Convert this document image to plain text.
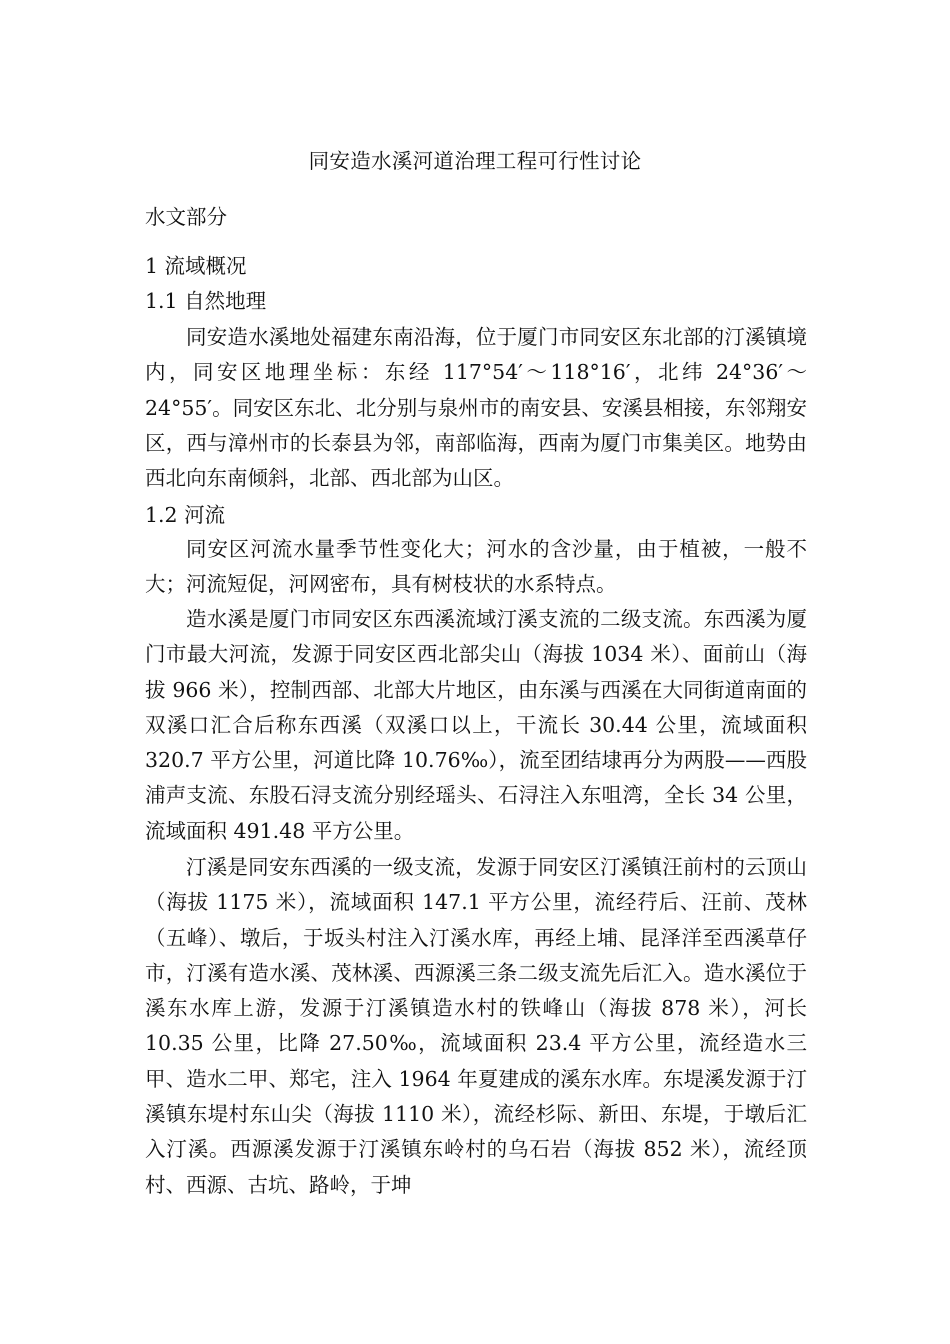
同安造水溪河道治理工程可行性讨论
水文部分
1 流域概况
1.1 自然地理

同安造水溪地处福建东南沿海，位于厦门市同安区东北部的汀溪镇境内，同安区地理坐标：东经 117°54′～118°16′，北纬 24°36′～24°55′。同安区东北、北分别与泉州市的南安县、安溪县相接，东邻翔安区，西与漳州市的长泰县为邻，南部临海，西南为厦门市集美区。地势由西北向东南倾斜，北部、西北部为山区。

1.2 河流

同安区河流水量季节性变化大；河水的含沙量，由于植被，一般不大；河流短促，河网密布，具有树枝状的水系特点。

造水溪是厦门市同安区东西溪流域汀溪支流的二级支流。东西溪为厦门市最大河流，发源于同安区西北部尖山（海拔 1034 米）、面前山（海拔 966 米），控制西部、北部大片地区，由东溪与西溪在大同街道南面的双溪口汇合后称东西溪（双溪口以上，干流长 30.44 公里，流域面积 320.7 平方公里，河道比降 10.76‰），流至团结埭再分为两股——西股浦声支流、东股石浔支流分别经瑶头、石浔注入东咀湾，全长 34 公里，流域面积 491.48 平方公里。

汀溪是同安东西溪的一级支流，发源于同安区汀溪镇汪前村的云顶山（海拔 1175 米），流域面积 147.1 平方公里，流经荇后、汪前、茂林（五峰）、墩后，于坂头村注入汀溪水库，再经上埔、昆泽洋至西溪草仔市，汀溪有造水溪、茂林溪、西源溪三条二级支流先后汇入。造水溪位于溪东水库上游，发源于汀溪镇造水村的铁峰山（海拔 878 米），河长 10.35 公里，比降 27.50‰，流域面积 23.4 平方公里，流经造水三甲、造水二甲、郑宅，注入 1964 年夏建成的溪东水库。东堤溪发源于汀溪镇东堤村东山尖（海拔 1110 米），流经杉际、新田、东堤，于墩后汇入汀溪。西源溪发源于汀溪镇东岭村的乌石岩（海拔 852 米），流经顶村、西源、古坑、路岭，于坤
